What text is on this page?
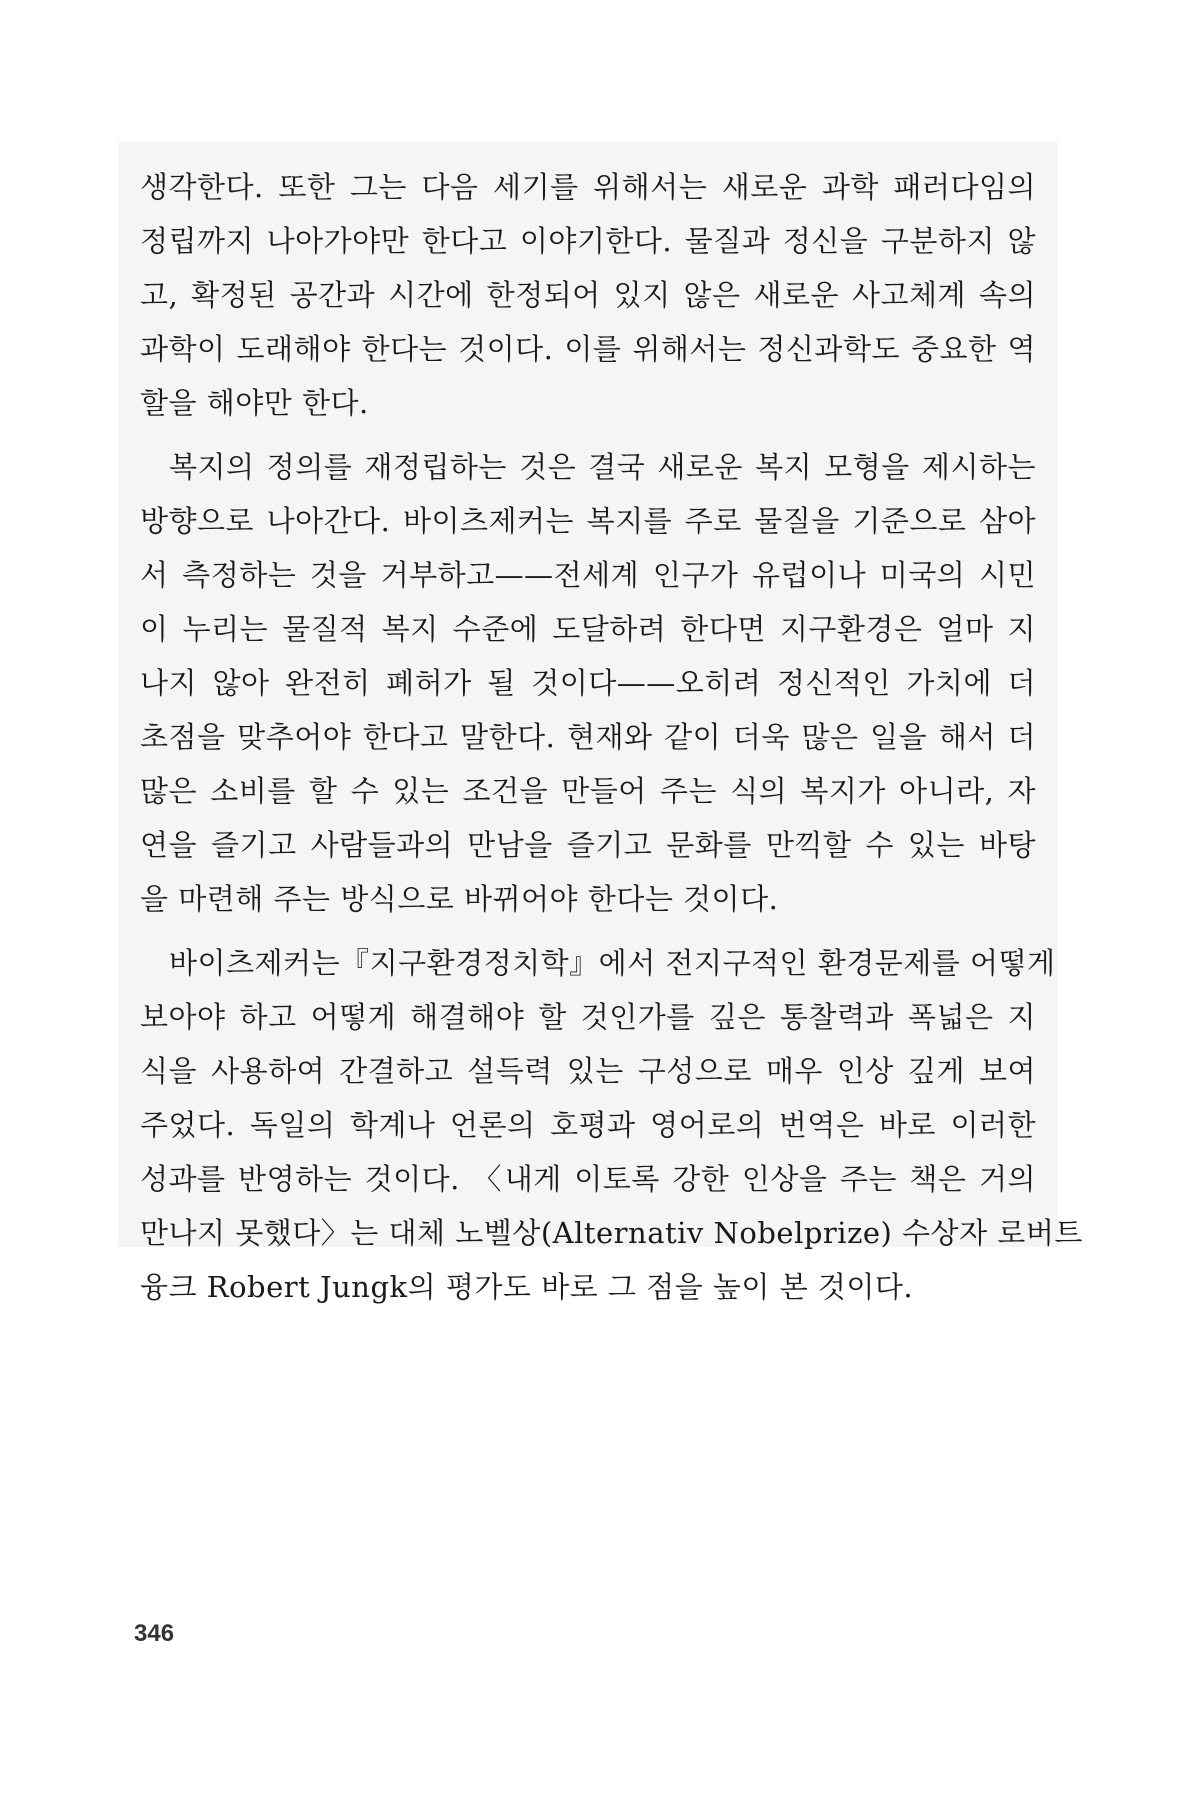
생각한다. 또한 그는 다음 세기를 위해서는 새로운 과학 패러다임의
정립까지 나아가야만 한다고 이야기한다. 물질과 정신을 구분하지 않
고, 확정된 공간과 시간에 한정되어 있지 않은 새로운 사고체계 속의
과학이 도래해야 한다는 것이다. 이를 위해서는 정신과학도 중요한 역
할을 해야만 한다.
복지의 정의를 재정립하는 것은 결국 새로운 복지 모형을 제시하는
방향으로 나아간다. 바이츠제커는 복지를 주로 물질을 기준으로 삼아
서 측정하는 것을 거부하고——전세계 인구가 유럽이나 미국의 시민
이 누리는 물질적 복지 수준에 도달하려 한다면 지구환경은 얼마 지
나지 않아 완전히 폐허가 될 것이다——오히려 정신적인 가치에 더
초점을 맞추어야 한다고 말한다. 현재와 같이 더욱 많은 일을 해서 더
많은 소비를 할 수 있는 조건을 만들어 주는 식의 복지가 아니라, 자
연을 즐기고 사람들과의 만남을 즐기고 문화를 만끽할 수 있는 바탕
을 마련해 주는 방식으로 바뀌어야 한다는 것이다.
바이츠제커는『지구환경정치학』에서 전지구적인 환경문제를 어떻게
보아야 하고 어떻게 해결해야 할 것인가를 깊은 통찰력과 폭넓은 지
식을 사용하여 간결하고 설득력 있는 구성으로 매우 인상 깊게 보여
주었다. 독일의 학계나 언론의 호평과 영어로의 번역은 바로 이러한
성과를 반영하는 것이다. 〈내게 이토록 강한 인상을 주는 책은 거의
만나지 못했다〉는 대체 노벨상(Alternativ Nobelprize) 수상자 로버트
융크 Robert Jungk의 평가도 바로 그 점을 높이 본 것이다.
346
